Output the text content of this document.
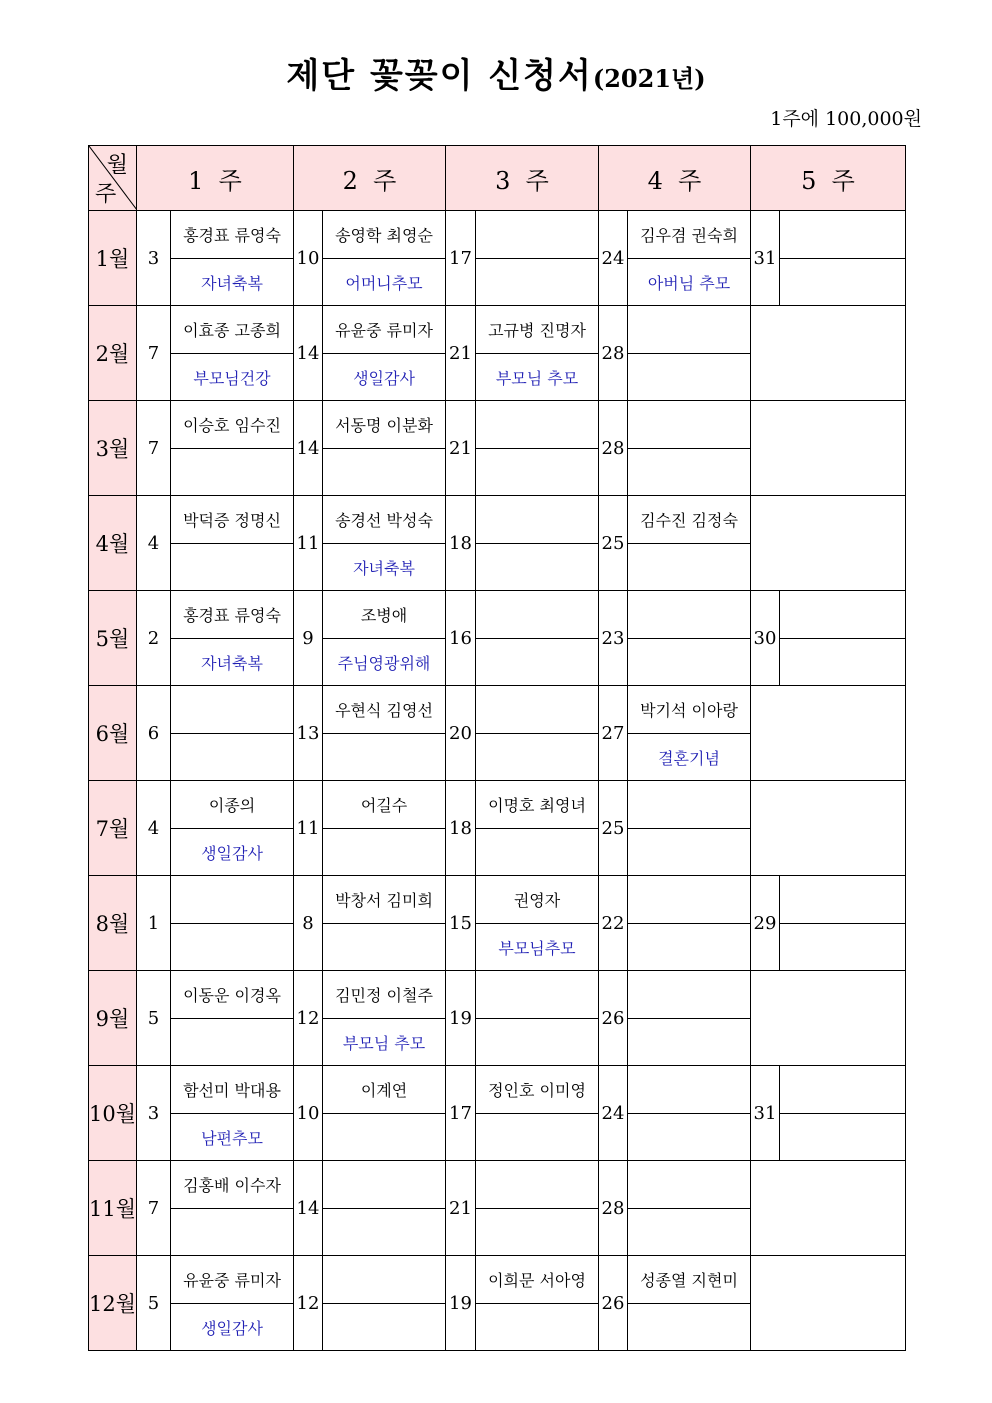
제단 꽃꽂이 신청서(2021년)
1주에 100,000원
월
주	1  주		2  주		3  주		4  주		5  주	
1월	3	홍경표 류영숙	10	송영학 최영순	17		24	김우겸 권숙희	31	
		자녀축복		어머니추모				아버님 추모		
2월	7	이효종 고종희	14	유윤중 류미자	21	고규병 진명자	28			
		부모님건강		생일감사		부모님 추모				
3월	7	이승호 임수진	14	서동명 이분화	21		28			

4월	4	박덕증 정명신	11	송경선 박성숙	18		25	김수진 김정숙		
				자녀축복						
5월	2	홍경표 류영숙	9	조병애	16		23		30	
		자녀축복		주님영광위해						
6월	6		13	우현식 김영선	20		27	박기석 이아랑		
								결혼기념		
7월	4	이종의	11	어길수	18	이명호 최영녀	25			
		생일감사								
8월	1		8	박창서 김미희	15	권영자	22		29	
						부모님추모				
9월	5	이동운 이경옥	12	김민정 이철주	19		26			
				부모님 추모						
10월	3	함선미 박대용	10	이계연	17	정인호 이미영	24		31	
		남편추모								
11월	7	김홍배 이수자	14		21		28			

12월	5	유윤중 류미자	12		19	이희문 서아영	26	성종열 지현미		
		생일감사								
